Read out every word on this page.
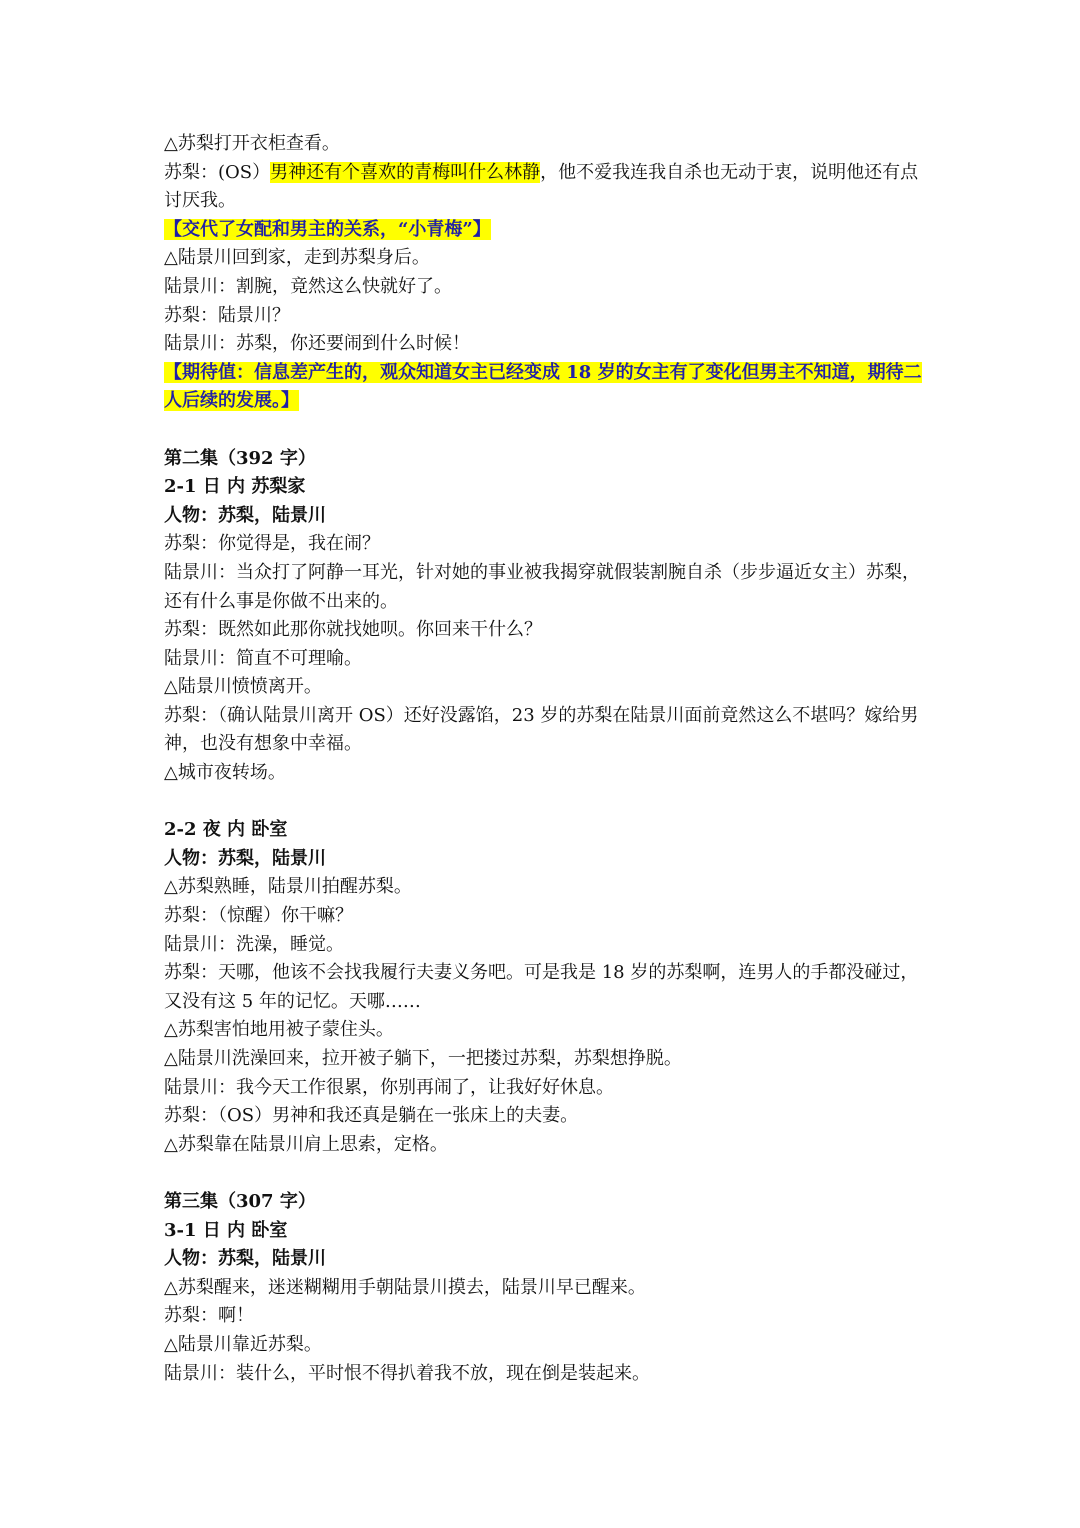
△苏梨打开衣柜查看。
苏梨：(OS）男神还有个喜欢的青梅叫什么林静，他不爱我连我自杀也无动于衷，说明他还有点讨厌我。
【交代了女配和男主的关系，“小青梅”】
△陆景川回到家，走到苏梨身后。
陆景川：割腕，竟然这么快就好了。
苏梨：陆景川？
陆景川：苏梨，你还要闹到什么时候！
【期待值：信息差产生的，观众知道女主已经变成 18 岁的女主有了变化但男主不知道，期待二人后续的发展。】
第二集（392 字）
2-1 日 内 苏梨家
人物：苏梨，陆景川
苏梨：你觉得是，我在闹？
陆景川：当众打了阿静一耳光，针对她的事业被我揭穿就假装割腕自杀（步步逼近女主）苏梨，还有什么事是你做不出来的。
苏梨：既然如此那你就找她呗。你回来干什么？
陆景川：简直不可理喻。
△陆景川愤愤离开。
苏梨：（确认陆景川离开 OS）还好没露馅，23 岁的苏梨在陆景川面前竟然这么不堪吗？嫁给男神，也没有想象中幸福。
△城市夜转场。
2-2 夜 内 卧室
人物：苏梨，陆景川
△苏梨熟睡，陆景川拍醒苏梨。
苏梨：（惊醒）你干嘛？
陆景川：洗澡，睡觉。
苏梨：天哪，他该不会找我履行夫妻义务吧。可是我是 18 岁的苏梨啊，连男人的手都没碰过，又没有这 5 年的记忆。天哪……
△苏梨害怕地用被子蒙住头。
△陆景川洗澡回来，拉开被子躺下，一把搂过苏梨，苏梨想挣脱。
陆景川：我今天工作很累，你别再闹了，让我好好休息。
苏梨：（OS）男神和我还真是躺在一张床上的夫妻。
△苏梨靠在陆景川肩上思索，定格。
第三集（307 字）
3-1 日 内 卧室
人物：苏梨，陆景川
△苏梨醒来，迷迷糊糊用手朝陆景川摸去，陆景川早已醒来。
苏梨：啊！
△陆景川靠近苏梨。
陆景川：装什么，平时恨不得扒着我不放，现在倒是装起来。
